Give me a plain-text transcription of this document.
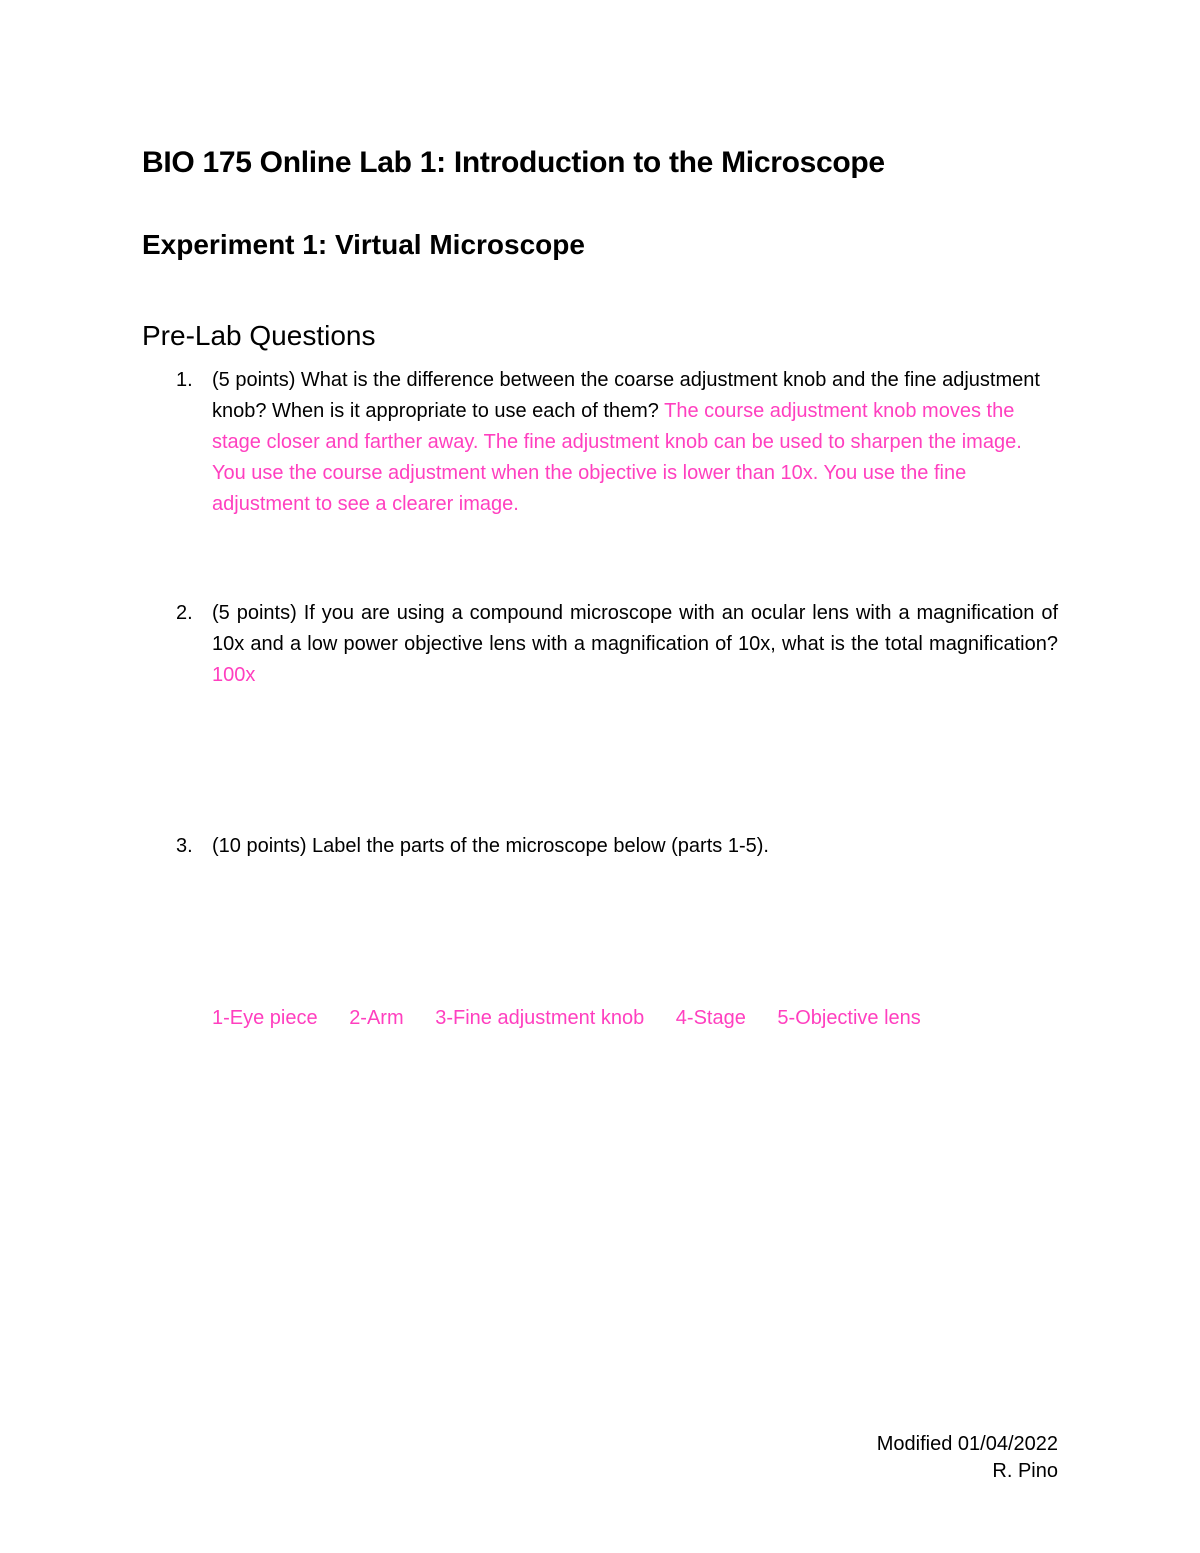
BIO 175 Online Lab 1: Introduction to the Microscope
Experiment 1: Virtual Microscope
Pre-Lab Questions
1. (5 points) What is the difference between the coarse adjustment knob and the fine adjustment knob? When is it appropriate to use each of them? The course adjustment knob moves the stage closer and farther away. The fine adjustment knob can be used to sharpen the image. You use the course adjustment when the objective is lower than 10x. You use the fine adjustment to see a clearer image.
2. (5 points) If you are using a compound microscope with an ocular lens with a magnification of 10x and a low power objective lens with a magnification of 10x, what is the total magnification? 100x
3. (10 points) Label the parts of the microscope below (parts 1-5).
1-Eye piece 2-Arm 3-Fine adjustment knob 4-Stage 5-Objective lens
Modified 01/04/2022
R. Pino
